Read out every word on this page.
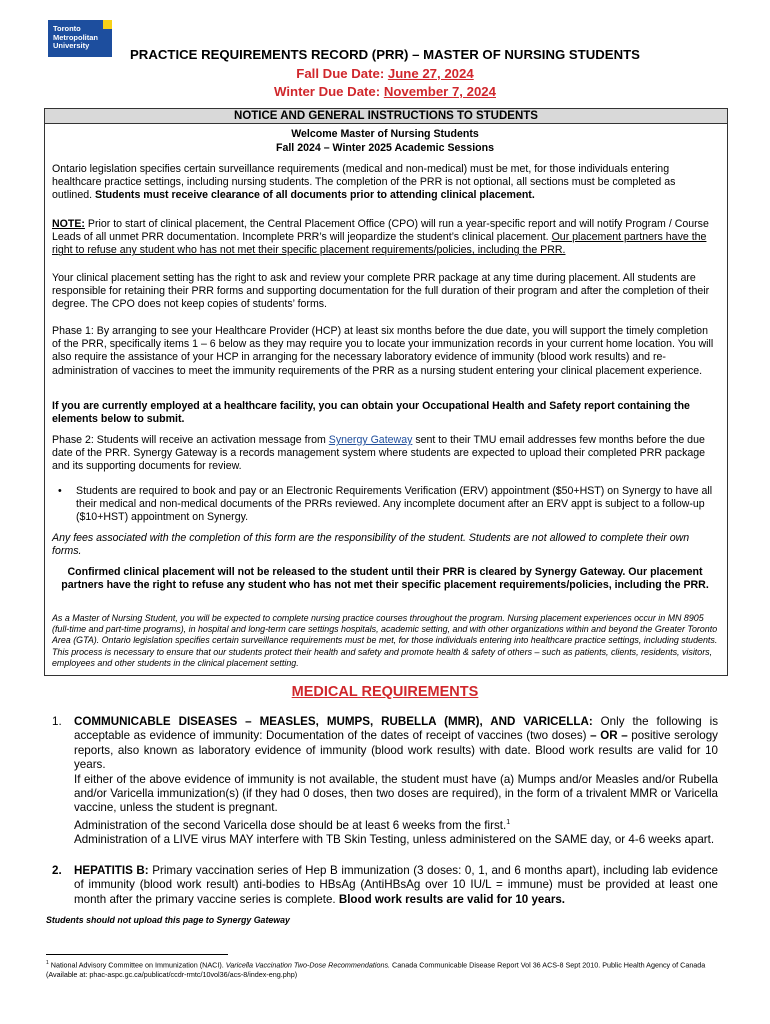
Toronto
Metropolitan
University
PRACTICE REQUIREMENTS RECORD (PRR) – MASTER OF NURSING STUDENTS
Fall Due Date: June 27, 2024
Winter Due Date: November 7, 2024
NOTICE AND GENERAL INSTRUCTIONS TO STUDENTS
Welcome Master of Nursing Students
Fall 2024 – Winter 2025 Academic Sessions
Ontario legislation specifies certain surveillance requirements (medical and non-medical) must be met, for those individuals entering healthcare practice settings, including nursing students. The completion of the PRR is not optional, all sections must be completed as outlined. Students must receive clearance of all documents prior to attending clinical placement.
NOTE: Prior to start of clinical placement, the Central Placement Office (CPO) will run a year-specific report and will notify Program / Course Leads of all unmet PRR documentation. Incomplete PRR’s will jeopardize the student’s clinical placement. Our placement partners have the right to refuse any student who has not met their specific placement requirements/policies, including the PRR.
Your clinical placement setting has the right to ask and review your complete PRR package at any time during placement. All students are responsible for retaining their PRR forms and supporting documentation for the full duration of their program and after the completion of their degree. The CPO does not keep copies of students’ forms.
Phase 1: By arranging to see your Healthcare Provider (HCP) at least six months before the due date, you will support the timely completion of the PRR, specifically items 1 – 6 below as they may require you to locate your immunization records in your current home location. You will also require the assistance of your HCP in arranging for the necessary laboratory evidence of immunity (blood work results) and re-administration of vaccines to meet the immunity requirements of the PRR as a nursing student entering your clinical placement experience.
If you are currently employed at a healthcare facility, you can obtain your Occupational Health and Safety report containing the elements below to submit.
Phase 2: Students will receive an activation message from Synergy Gateway sent to their TMU email addresses few months before the due date of the PRR. Synergy Gateway is a records management system where students are expected to upload their completed PRR package and its supporting documents for review.
• Students are required to book and pay or an Electronic Requirements Verification (ERV) appointment ($50+HST) on Synergy to have all their medical and non-medical documents of the PRRs reviewed. Any incomplete document after an ERV appt is subject to a follow-up ($10+HST) appointment on Synergy.
Any fees associated with the completion of this form are the responsibility of the student. Students are not allowed to complete their own forms.
Confirmed clinical placement will not be released to the student until their PRR is cleared by Synergy Gateway. Our placement partners have the right to refuse any student who has not met their specific placement requirements/policies, including the PRR.
As a Master of Nursing Student, you will be expected to complete nursing practice courses throughout the program. Nursing placement experiences occur in MN 8905 (full-time and part-time programs), in hospital and long-term care settings hospitals, academic setting, and with other organizations within and beyond the Greater Toronto Area (GTA). Ontario legislation specifies certain surveillance requirements must be met, for those individuals entering into healthcare practice settings, including students. This process is necessary to ensure that our students protect their health and safety and promote health & safety of others – such as patients, clients, residents, visitors, employees and other students in the clinical placement setting.
MEDICAL REQUIREMENTS
1. COMMUNICABLE DISEASES – MEASLES, MUMPS, RUBELLA (MMR), AND VARICELLA: Only the following is acceptable as evidence of immunity: Documentation of the dates of receipt of vaccines (two doses) – OR – positive serology reports, also known as laboratory evidence of immunity (blood work results) with date. Blood work results are valid for 10 years.
If either of the above evidence of immunity is not available, the student must have (a) Mumps and/or Measles and/or Rubella and/or Varicella immunization(s) (if they had 0 doses, then two doses are required), in the form of a trivalent MMR or Varicella vaccine, unless the student is pregnant.
Administration of the second Varicella dose should be at least 6 weeks from the first.$^1$
Administration of a LIVE virus MAY interfere with TB Skin Testing, unless administered on the SAME day, or 4-6 weeks apart.
2. HEPATITIS B: Primary vaccination series of Hep B immunization (3 doses: 0, 1, and 6 months apart), including lab evidence of immunity (blood work result) anti-bodies to HBsAg (AntiHBsAg over 10 IU/L = immune) must be provided at least one month after the primary vaccine series is complete. Blood work results are valid for 10 years.
Students should not upload this page to Synergy Gateway
$^1$ National Advisory Committee on Immunization (NACI). Varicella Vaccination Two-Dose Recommendations. Canada Communicable Disease Report Vol 36 ACS-8 Sept 2010. Public Health Agency of Canada (Available at: phac-aspc.gc.ca/publicat/ccdr-rmtc/10vol36/acs-8/index-eng.php)
